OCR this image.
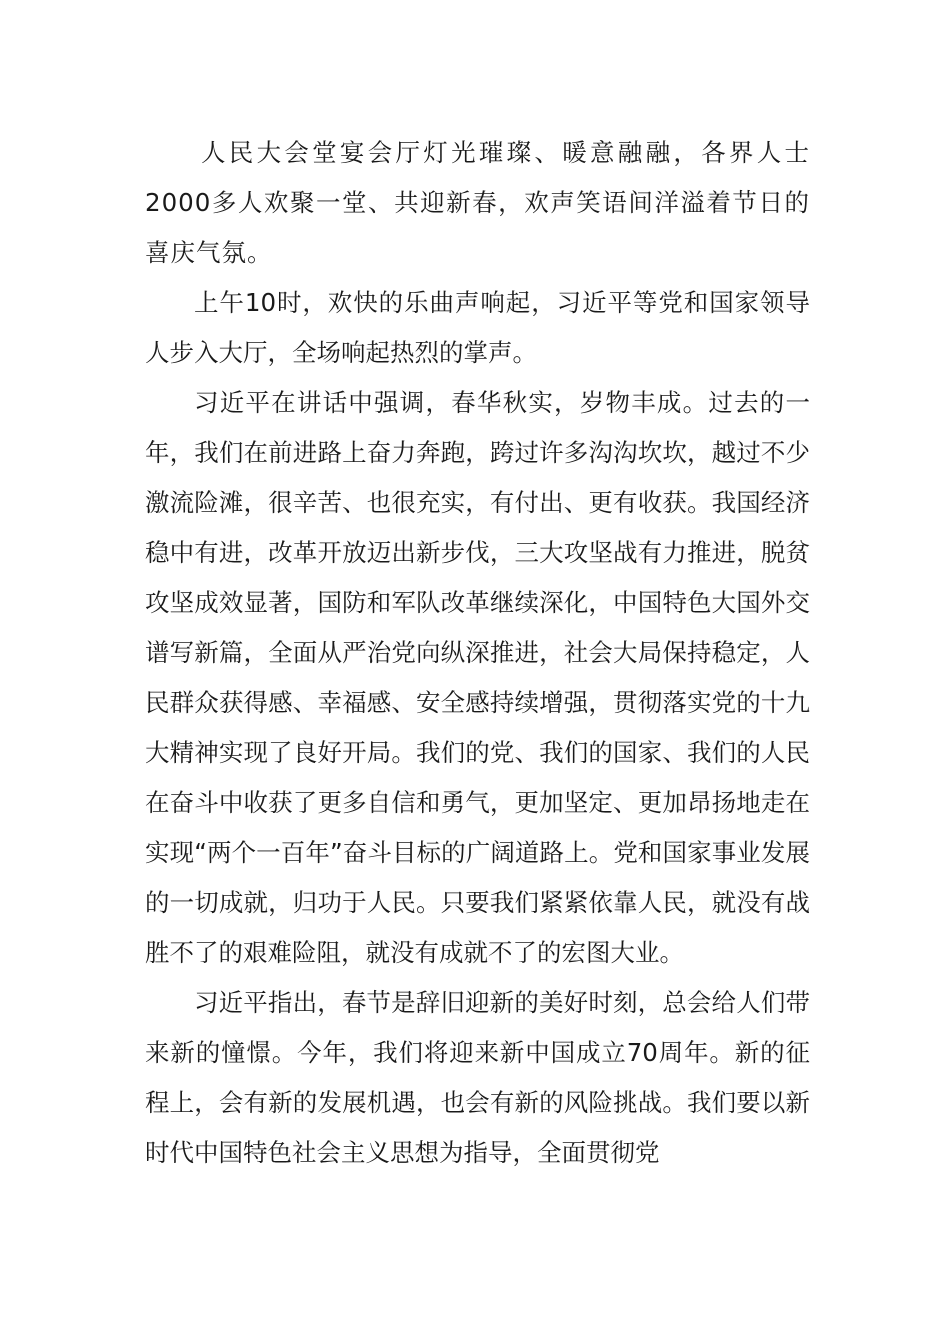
人民大会堂宴会厅灯光璀璨、暖意融融，各界人士2000多人欢聚一堂、共迎新春，欢声笑语间洋溢着节日的喜庆气氛。

上午10时，欢快的乐曲声响起，习近平等党和国家领导人步入大厅，全场响起热烈的掌声。

习近平在讲话中强调，春华秋实，岁物丰成。过去的一年，我们在前进路上奋力奔跑，跨过许多沟沟坎坎，越过不少激流险滩，很辛苦、也很充实，有付出、更有收获。我国经济稳中有进，改革开放迈出新步伐，三大攻坚战有力推进，脱贫攻坚成效显著，国防和军队改革继续深化，中国特色大国外交谱写新篇，全面从严治党向纵深推进，社会大局保持稳定，人民群众获得感、幸福感、安全感持续增强，贯彻落实党的十九大精神实现了良好开局。我们的党、我们的国家、我们的人民在奋斗中收获了更多自信和勇气，更加坚定、更加昂扬地走在实现“两个一百年”奋斗目标的广阔道路上。党和国家事业发展的一切成就，归功于人民。只要我们紧紧依靠人民，就没有战胜不了的艰难险阻，就没有成就不了的宏图大业。

习近平指出，春节是辞旧迎新的美好时刻，总会给人们带来新的憧憬。今年，我们将迎来新中国成立70周年。新的征程上，会有新的发展机遇，也会有新的风险挑战。我们要以新时代中国特色社会主义思想为指导，全面贯彻党
